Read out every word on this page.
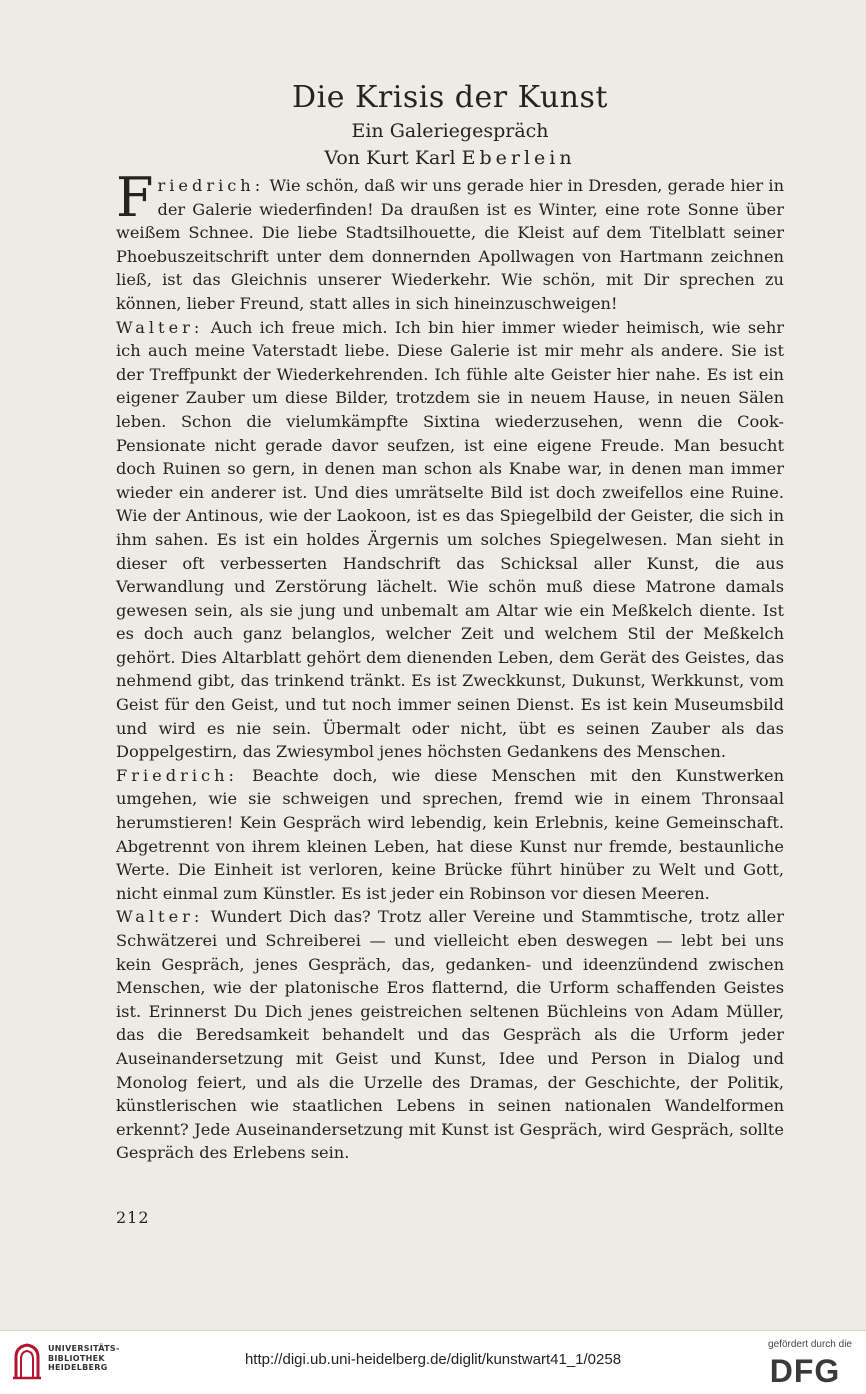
Die Krisis der Kunst

Ein Galeriegespräch

Von Kurt Karl Eberlein

Friedrich: Wie schön, daß wir uns gerade hier in Dresden, gerade hier in der Galerie wiederfinden! Da draußen ist es Winter, eine rote Sonne über weißem Schnee. Die liebe Stadtsilhouette, die Kleist auf dem Titelblatt seiner Phoebuszeitschrift unter dem donnernden Apollwagen von Hartmann zeichnen ließ, ist das Gleichnis unserer Wiederkehr. Wie schön, mit Dir sprechen zu können, lieber Freund, statt alles in sich hineinzuschweigen!

Walter: Auch ich freue mich. Ich bin hier immer wieder heimisch, wie sehr ich auch meine Vaterstadt liebe. Diese Galerie ist mir mehr als andere. Sie ist der Treffpunkt der Wiederkehrenden. Ich fühle alte Geister hier nahe. Es ist ein eigener Zauber um diese Bilder, trotzdem sie in neuem Hause, in neuen Sälen leben. Schon die vielumkämpfte Sixtina wiederzusehen, wenn die Cook-Pensionate nicht gerade davor seufzen, ist eine eigene Freude. Man besucht doch Ruinen so gern, in denen man schon als Knabe war, in denen man immer wieder ein anderer ist. Und dies umrätselte Bild ist doch zweifellos eine Ruine. Wie der Antinous, wie der Laokoon, ist es das Spiegelbild der Geister, die sich in ihm sahen. Es ist ein holdes Ärgernis um solches Spiegelwesen. Man sieht in dieser oft verbesserten Handschrift das Schicksal aller Kunst, die aus Verwandlung und Zerstörung lächelt. Wie schön muß diese Matrone damals gewesen sein, als sie jung und unbemalt am Altar wie ein Meßkelch diente. Ist es doch auch ganz belanglos, welcher Zeit und welchem Stil der Meßkelch gehört. Dies Altarblatt gehört dem dienenden Leben, dem Gerät des Geistes, das nehmend gibt, das trinkend tränkt. Es ist Zweckkunst, Dukunst, Werkkunst, vom Geist für den Geist, und tut noch immer seinen Dienst. Es ist kein Museumsbild und wird es nie sein. Übermalt oder nicht, übt es seinen Zauber als das Doppelgestirn, das Zwiesymbol jenes höchsten Gedankens des Menschen.

Friedrich: Beachte doch, wie diese Menschen mit den Kunstwerken umgehen, wie sie schweigen und sprechen, fremd wie in einem Thronsaal herumstieren! Kein Gespräch wird lebendig, kein Erlebnis, keine Gemeinschaft. Abgetrennt von ihrem kleinen Leben, hat diese Kunst nur fremde, bestaunliche Werte. Die Einheit ist verloren, keine Brücke führt hinüber zu Welt und Gott, nicht einmal zum Künstler. Es ist jeder ein Robinson vor diesen Meeren.

Walter: Wundert Dich das? Trotz aller Vereine und Stammtische, trotz aller Schwätzerei und Schreiberei — und vielleicht eben deswegen — lebt bei uns kein Gespräch, jenes Gespräch, das, gedanken- und ideenzündend zwischen Menschen, wie der platonische Eros flatternd, die Urform schaffenden Geistes ist. Erinnerst Du Dich jenes geistreichen seltenen Büchleins von Adam Müller, das die Beredsamkeit behandelt und das Gespräch als die Urform jeder Auseinandersetzung mit Geist und Kunst, Idee und Person in Dialog und Monolog feiert, und als die Urzelle des Dramas, der Geschichte, der Politik, künstlerischen wie staatlichen Lebens in seinen nationalen Wandelformen erkennt? Jede Auseinandersetzung mit Kunst ist Gespräch, wird Gespräch, sollte Gespräch des Erlebens sein.

212
UNIVERSITÄTS-
BIBLIOTHEK
HEIDELBERG	http://digi.ub.uni-heidelberg.de/diglit/kunstwart41_1/0258
gefördert durch die
DFG
